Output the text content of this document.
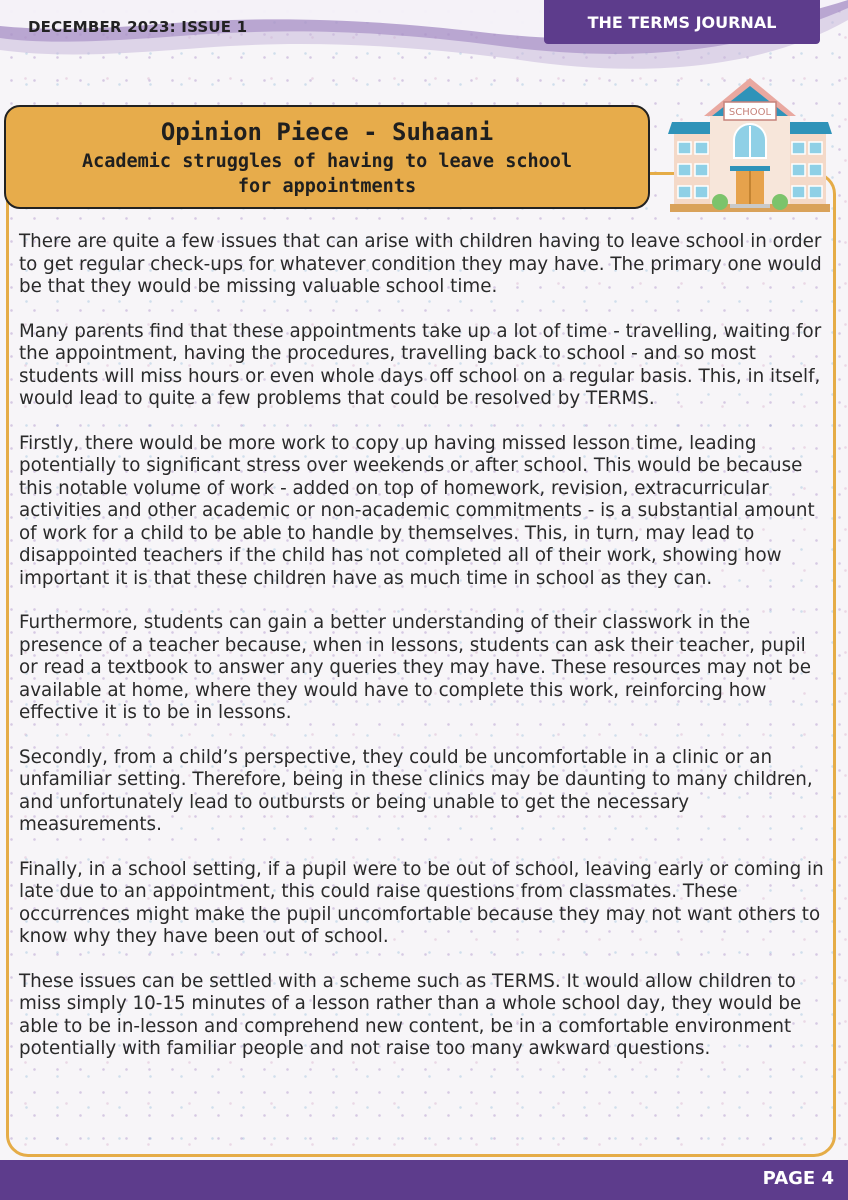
DECEMBER 2023: ISSUE 1	THE TERMS JOURNAL
Opinion Piece - Suhaani
Academic struggles of having to leave school for appointments
SCHOOL

There are quite a few issues that can arise with children having to leave school in order to get regular check-ups for whatever condition they may have. The primary one would be that they would be missing valuable school time.

Many parents find that these appointments take up a lot of time - travelling, waiting for the appointment, having the procedures, travelling back to school - and so most students will miss hours or even whole days off school on a regular basis. This, in itself, would lead to quite a few problems that could be resolved by TERMS.

Firstly, there would be more work to copy up having missed lesson time, leading potentially to significant stress over weekends or after school. This would be because this notable volume of work - added on top of homework, revision, extracurricular activities and other academic or non-academic commitments - is a substantial amount of work for a child to be able to handle by themselves. This, in turn, may lead to disappointed teachers if the child has not completed all of their work, showing how important it is that these children have as much time in school as they can.

Furthermore, students can gain a better understanding of their classwork in the presence of a teacher because, when in lessons, students can ask their teacher, pupil or read a textbook to answer any queries they may have. These resources may not be available at home, where they would have to complete this work, reinforcing how effective it is to be in lessons.

Secondly, from a child’s perspective, they could be uncomfortable in a clinic or an unfamiliar setting. Therefore, being in these clinics may be daunting to many children, and unfortunately lead to outbursts or being unable to get the necessary measurements.

Finally, in a school setting, if a pupil were to be out of school, leaving early or coming in late due to an appointment, this could raise questions from classmates. These occurrences might make the pupil uncomfortable because they may not want others to know why they have been out of school.

These issues can be settled with a scheme such as TERMS. It would allow children to miss simply 10-15 minutes of a lesson rather than a whole school day, they would be able to be in-lesson and comprehend new content, be in a comfortable environment potentially with familiar people and not raise too many awkward questions.

PAGE 4
